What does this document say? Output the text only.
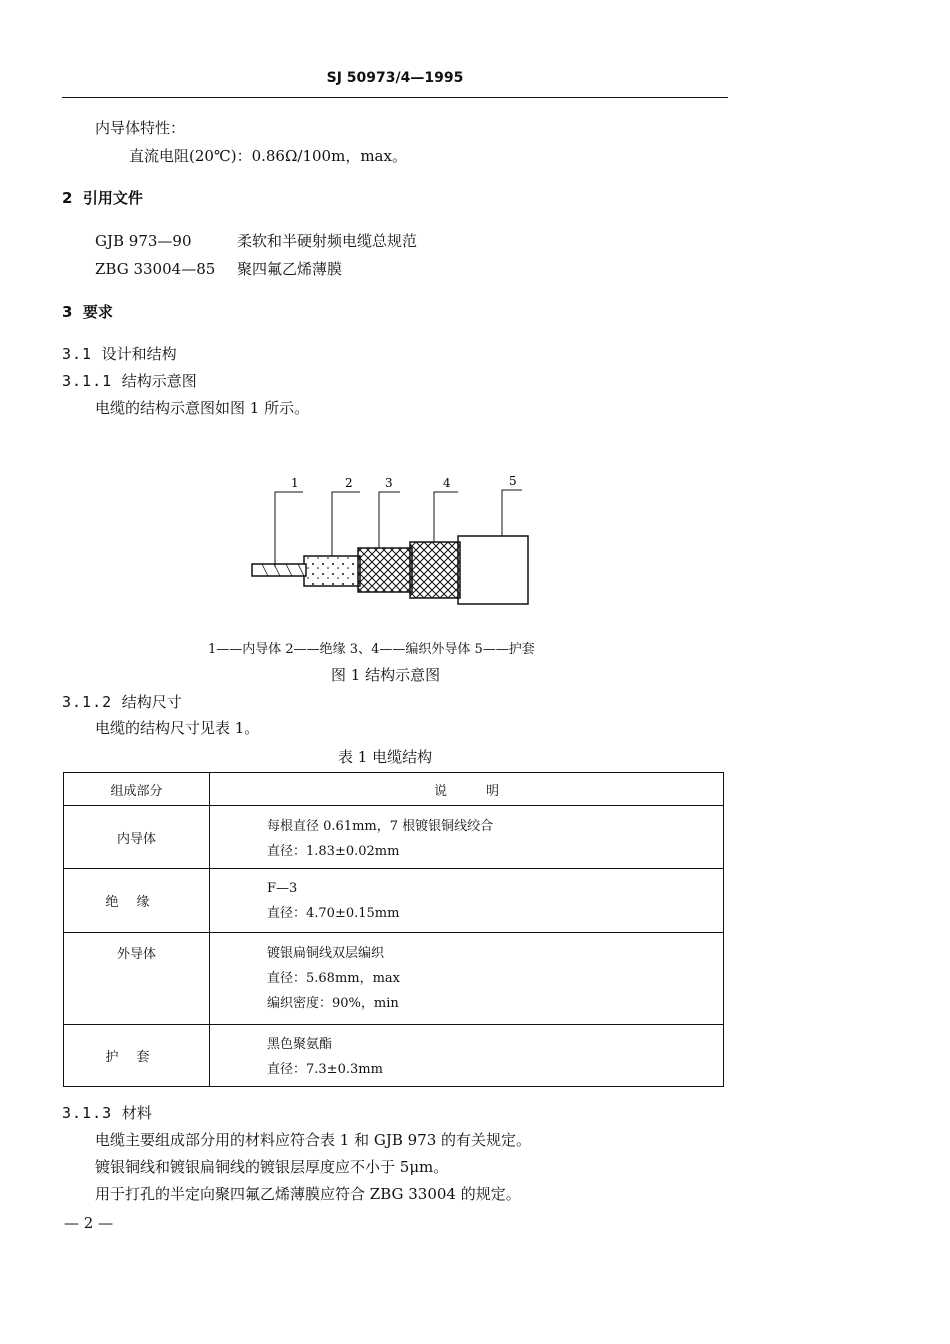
SJ 50973/4—1995
内导体特性：
直流电阻(20℃)：0.86Ω/100m，max。
2 引用文件
GJB 973—90	柔软和半硬射频电缆总规范
ZBG 33004—85 聚四氟乙烯薄膜
3 要求
3.1 设计和结构
3.1.1 结构示意图
电缆的结构示意图如图 1 所示。
1	2	3	4	5
1——内导体 2——绝缘 3、4——编织外导体 5——护套
图 1 结构示意图
3.1.2 结构尺寸
电缆的结构尺寸见表 1。
表 1 电缆结构
组成部分	说　　　明
内导体	每根直径 0.61mm，7 根镀银铜线绞合
直径：1.83±0.02mm

绝缘	F—3
直径：4.70±0.15mm

外导体	镀银扁铜线双层编织
直径：5.68mm，max
编织密度：90%，min

护套	黑色聚氨酯
直径：7.3±0.3mm
3.1.3 材料
电缆主要组成部分用的材料应符合表 1 和 GJB 973 的有关规定。
镀银铜线和镀银扁铜线的镀银层厚度应不小于 5μm。
用于打孔的半定向聚四氟乙烯薄膜应符合 ZBG 33004 的规定。
— 2 —
